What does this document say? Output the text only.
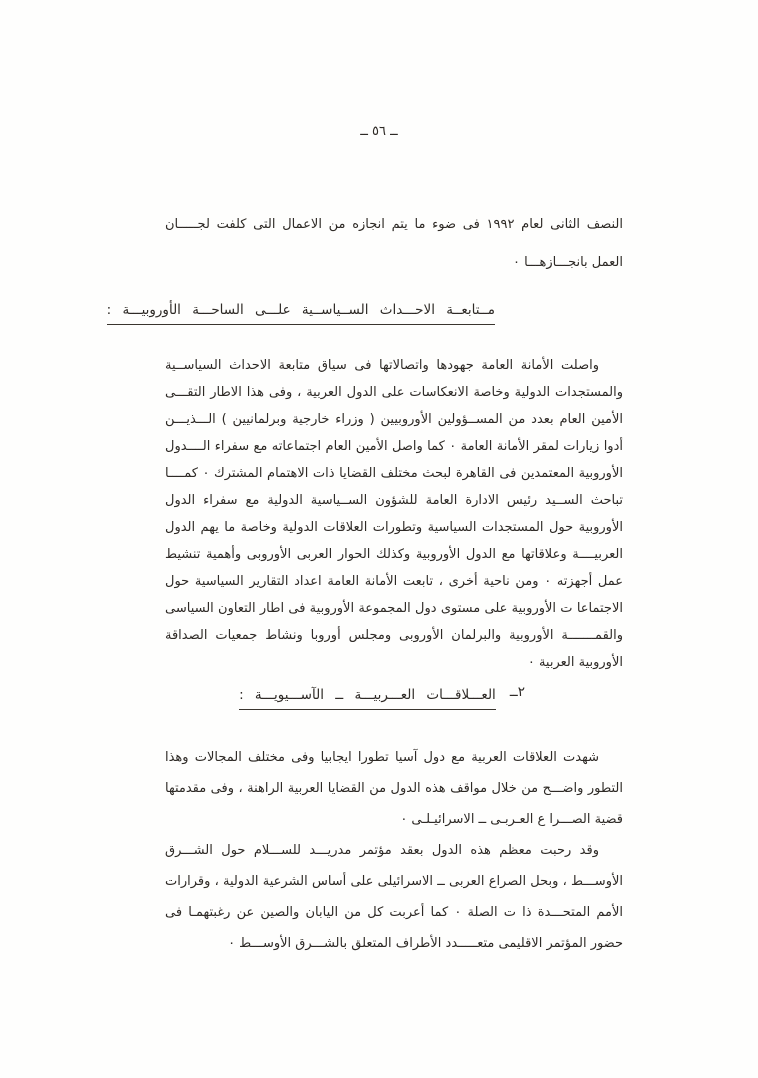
ــ ٥٦ ــ
النصف الثانى لعام ١٩٩٢ فى ضوء ما يتم انجازه من الاعمال التى كلفت لجـــــان العمل بانجـــازهـــا ٠
مــتابعــة الاحـــداث الســياســية علـــى الساحـــة الأوروبيـــة :
واصلت الأمانة العامة جهودها واتصالاتها فى سياق متابعة الاحداث السياســية والمستجدات الدولية وخاصة الانعكاسات على الدول العربية ، وفى هذا الاطار التقـــى الأمين العام بعدد من المســؤولين الأوروبيين ( وزراء خارجية وبرلمانيين ) الـــذيـــن أدوا زيارات لمقر الأمانة العامة ٠ كما واصل الأمين العام اجتماعاته مع سفراء الــــدول الأوروبية المعتمدين فى القاهرة لبحث مختلف القضايا ذات الاهتمام المشترك ٠ كمــــا تباحث الســيد رئيس الادارة العامة للشؤون الســياسية الدولية مع سفراء الدول الأوروبية حول المستجدات السياسية وتطورات العلاقات الدولية وخاصة ما يهم الدول العربيــــة وعلاقاتها مع الدول الأوروبية وكذلك الحوار العربى الأوروبى وأهمية تنشيط عمل أجهزته ٠ ومن ناحية أخرى ، تابعت الأمانة العامة اعداد التقارير السياسية حول الاجتماعا ت الأوروبية على مستوى دول المجموعة الأوروبية فى اطار التعاون السياسى والقمـــــــة الأوروبية والبرلمان الأوروبى ومجلس أوروبا ونشاط جمعيات الصداقة الأوروبية العربية ٠
٢ــالعـــلاقـــات العـــربيـــة ــ الآســـيويـــة :
شهدت العلاقات العربية مع دول آسيا تطورا ايجابيا وفى مختلف المجالات وهذا التطور واضـــح من خلال مواقف هذه الدول من القضايا العربية الراهنة ، وفى مقدمتها قضية الصـــرا ع العـربـى ــ الاسرائيـلـى ٠
وقد رحبت معظم هذه الدول بعقد مؤتمر مدريـــد للســـلام حول الشـــرق الأوســـط ، وبحل الصراع العربى ــ الاسرائيلى على أساس الشرعية الدولية ، وقرارات الأمم المتحـــدة ذا ت الصلة ٠ كما أعربت كل من اليابان والصين عن رغبتهمـا فى حضور المؤتمر الاقليمى متعـــــدد الأطراف المتعلق بالشـــرق الأوســـط ٠
